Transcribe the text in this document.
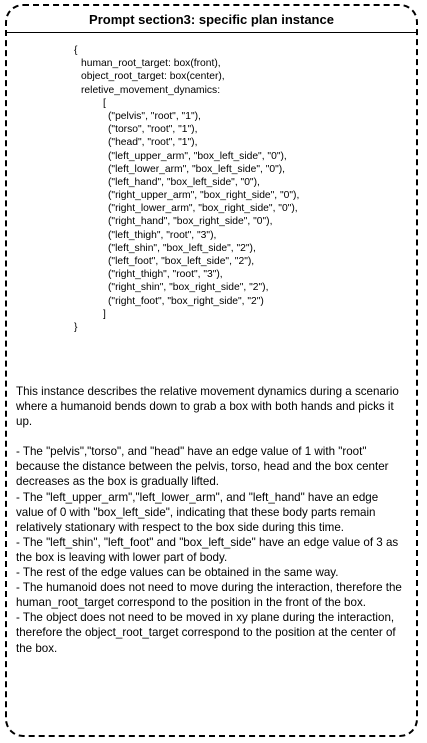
Prompt section3: specific plan instance
{
human_root_target: box(front),
object_root_target: box(center),
reletive_movement_dynamics:
[
("pelvis", "root", "1"),
("torso", "root", "1"),
("head", "root", "1"),
("left_upper_arm", "box_left_side", "0"),
("left_lower_arm", "box_left_side", "0"),
("left_hand", "box_left_side", "0"),
("right_upper_arm", "box_right_side", "0"),
("right_lower_arm", "box_right_side", "0"),
("right_hand", "box_right_side", "0"),
("left_thigh", "root", "3"),
("left_shin", "box_left_side", "2"),
("left_foot", "box_left_side", "2"),
("right_thigh", "root", "3"),
("right_shin", "box_right_side", "2"),
("right_foot", "box_right_side", "2")
]
}

This instance describes the relative movement dynamics during a scenario where a humanoid bends down to grab a box with both hands and picks it up.

- The "pelvis","torso", and "head" have an edge value of 1 with "root" because the distance between the pelvis, torso, head and the box center decreases as the box is gradually lifted.

- The "left_upper_arm","left_lower_arm", and "left_hand" have an edge value of 0 with "box_left_side", indicating that these body parts remain relatively stationary with respect to the box side during this time.

- The "left_shin", "left_foot" and "box_left_side" have an edge value of 3 as the box is leaving with lower part of body.

- The rest of the edge values can be obtained in the same way.

- The humanoid does not need to move during the interaction, therefore the human_root_target correspond to the position in the front of the box.

- The object does not need to be moved in xy plane during the interaction, therefore the object_root_target correspond to the position at the center of the box.
